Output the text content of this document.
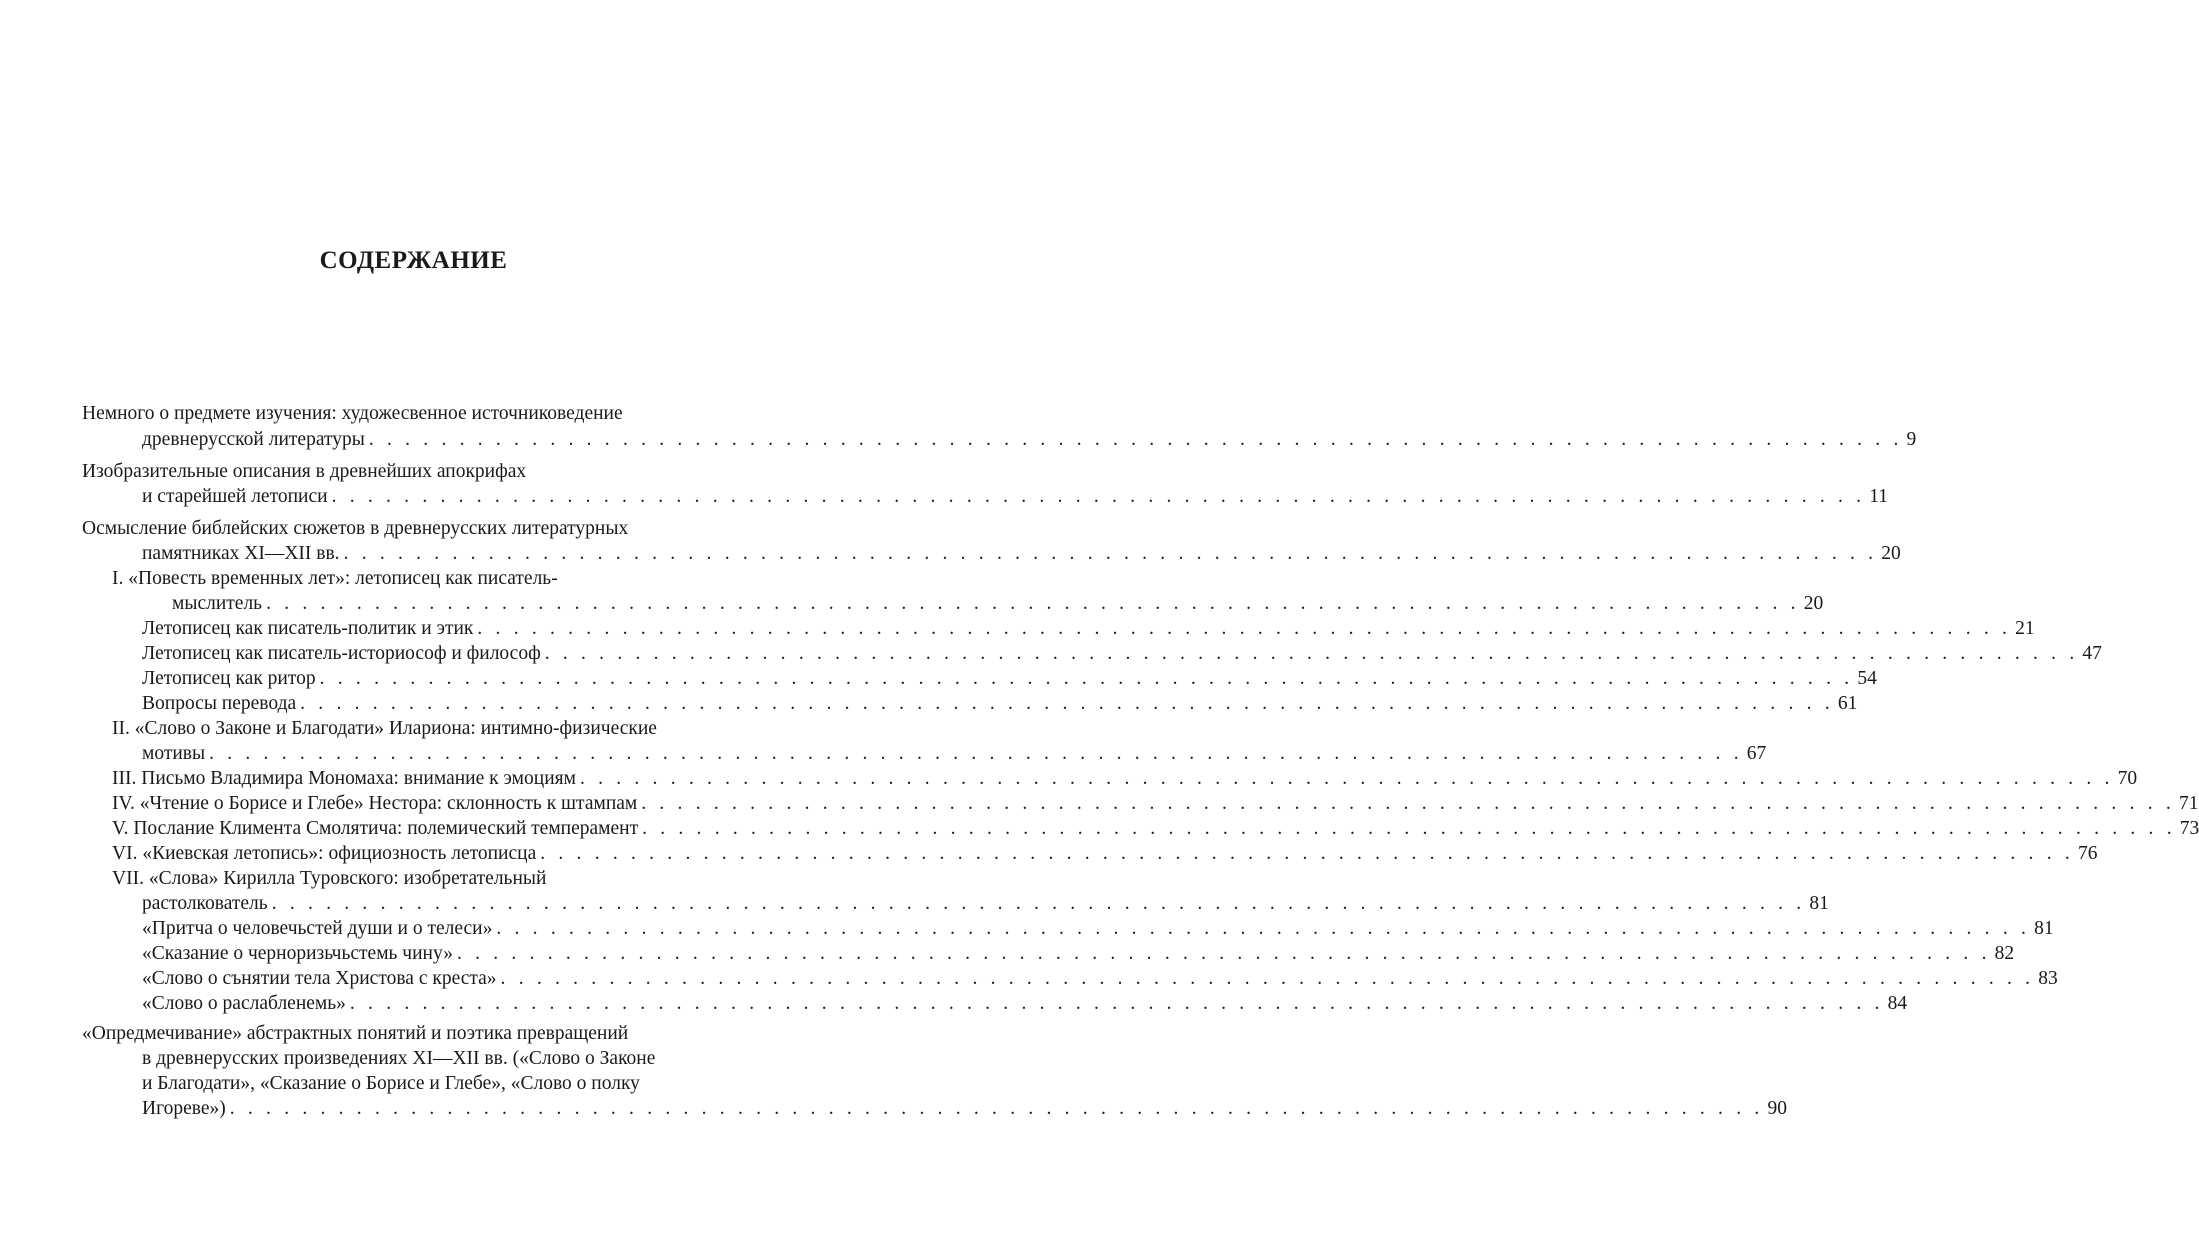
СОДЕРЖАНИЕ
Немного о предмете изучения: художесвенное источниковедение
древнерусской литературы . . . . . . . . . . . . . . . . . . . . . . . . . . . . . . . . . . . . . . . . . . . . . . . . . . . . . . . . . . . . . . . . . . . . . . . . . . . . . . . . . . . . . 9
Изобразительные описания в древнейших апокрифах
и старейшей летописи . . . . . . . . . . . . . . . . . . . . . . . . . . . . . . . . . . . . . . . . . . . . . . . . . . . . . . . . . . . . . . . . . . . . . . . . . . . . . . . . . . . . . 11
Осмысление библейских сюжетов в древнерусских литературных
памятниках XI—XII вв. . . . . . . . . . . . . . . . . . . . . . . . . . . . . . . . . . . . . . . . . . . . . . . . . . . . . . . . . . . . . . . . . . . . . . . . . . . . . . . . . . . . . . 20
I. «Повесть временных лет»: летописец как писатель-
мыслитель . . . . . . . . . . . . . . . . . . . . . . . . . . . . . . . . . . . . . . . . . . . . . . . . . . . . . . . . . . . . . . . . . . . . . . . . . . . . . . . . . . . . . 20
Летописец как писатель-политик и этик . . . . . . . . . . . . . . . . . . . . . . . . . . . . . . . . . . . . . . . . . . . . . . . . . . . . . . . . . . . . . . . . . . . . . . . . . . . . . . . . . . . . . 21
Летописец как писатель-историософ и философ . . . . . . . . . . . . . . . . . . . . . . . . . . . . . . . . . . . . . . . . . . . . . . . . . . . . . . . . . . . . . . . . . . . . . . . . . . . . . . . . . . . . . 47
Летописец как ритор . . . . . . . . . . . . . . . . . . . . . . . . . . . . . . . . . . . . . . . . . . . . . . . . . . . . . . . . . . . . . . . . . . . . . . . . . . . . . . . . . . . . . 54
Вопросы перевода . . . . . . . . . . . . . . . . . . . . . . . . . . . . . . . . . . . . . . . . . . . . . . . . . . . . . . . . . . . . . . . . . . . . . . . . . . . . . . . . . . . . . 61
II. «Слово о Законе и Благодати» Илариона: интимно-физические
мотивы . . . . . . . . . . . . . . . . . . . . . . . . . . . . . . . . . . . . . . . . . . . . . . . . . . . . . . . . . . . . . . . . . . . . . . . . . . . . . . . . . . . . . 67
III. Письмо Владимира Мономаха: внимание к эмоциям . . . . . . . . . . . . . . . . . . . . . . . . . . . . . . . . . . . . . . . . . . . . . . . . . . . . . . . . . . . . . . . . . . . . . . . . . . . . . . . . . . . . . 70
IV. «Чтение о Борисе и Глебе» Нестора: склонность к штампам . . . . . . . . . . . . . . . . . . . . . . . . . . . . . . . . . . . . . . . . . . . . . . . . . . . . . . . . . . . . . . . . . . . . . . . . . . . . . . . . . . . . . 71
V. Послание Климента Смолятича: полемический темперамент . . . . . . . . . . . . . . . . . . . . . . . . . . . . . . . . . . . . . . . . . . . . . . . . . . . . . . . . . . . . . . . . . . . . . . . . . . . . . . . . . . . . . 73
VI. «Киевская летопись»: официозность летописца . . . . . . . . . . . . . . . . . . . . . . . . . . . . . . . . . . . . . . . . . . . . . . . . . . . . . . . . . . . . . . . . . . . . . . . . . . . . . . . . . . . . . 76
VII. «Слова» Кирилла Туровского: изобретательный
растолкователь . . . . . . . . . . . . . . . . . . . . . . . . . . . . . . . . . . . . . . . . . . . . . . . . . . . . . . . . . . . . . . . . . . . . . . . . . . . . . . . . . . . . . 81
«Притча о человечьстей души и о телеси» . . . . . . . . . . . . . . . . . . . . . . . . . . . . . . . . . . . . . . . . . . . . . . . . . . . . . . . . . . . . . . . . . . . . . . . . . . . . . . . . . . . . . 81
«Сказание о черноризьчьстемь чину» . . . . . . . . . . . . . . . . . . . . . . . . . . . . . . . . . . . . . . . . . . . . . . . . . . . . . . . . . . . . . . . . . . . . . . . . . . . . . . . . . . . . . 82
«Слово о сънятии тела Христова с креста» . . . . . . . . . . . . . . . . . . . . . . . . . . . . . . . . . . . . . . . . . . . . . . . . . . . . . . . . . . . . . . . . . . . . . . . . . . . . . . . . . . . . . 83
«Слово о раслабленемь» . . . . . . . . . . . . . . . . . . . . . . . . . . . . . . . . . . . . . . . . . . . . . . . . . . . . . . . . . . . . . . . . . . . . . . . . . . . . . . . . . . . . . 84
«Опредмечивание» абстрактных понятий и поэтика превращений
в древнерусских произведениях XI—XII вв. («Слово о Законе
и Благодати», «Сказание о Борисе и Глебе», «Слово о полку
Игореве») . . . . . . . . . . . . . . . . . . . . . . . . . . . . . . . . . . . . . . . . . . . . . . . . . . . . . . . . . . . . . . . . . . . . . . . . . . . . . . . . . . . . . 90
